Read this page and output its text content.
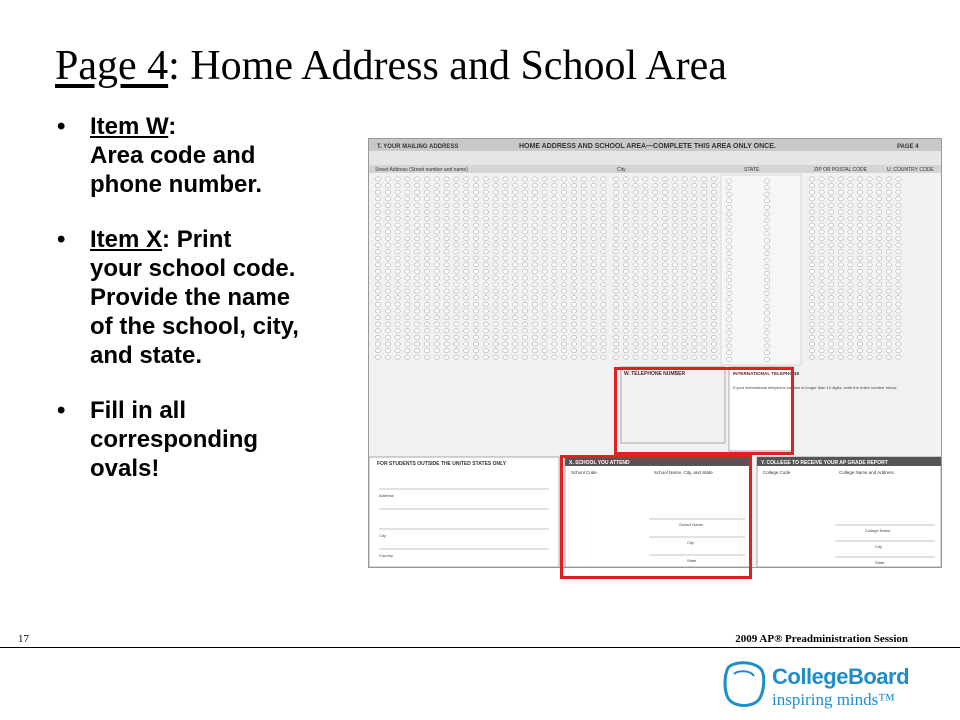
Page 4: Home Address and School Area
• Item W:
Area code and
phone number.
• Item X: Print
your school code.
Provide the name
of the school, city,
and state.
• Fill in all
corresponding
ovals!
T. YOUR MAILING ADDRESS	HOME ADDRESS AND SCHOOL AREA—COMPLETE THIS AREA ONLY ONCE.	PAGE 4
Street Address (Street number and name)	City	STATE	ZIP OR POSTAL CODE	U. COUNTRY CODE
W. TELEPHONE NUMBER	INTERNATIONAL TELEPHONE
If your international telephone number is longer than 10 digits, write the entire number below.
FOR STUDENTS OUTSIDE THE UNITED STATES ONLY
Address
City
Country
X. SCHOOL YOU ATTEND
School Code	School Name, City, and State
School Name
City
State
Y. COLLEGE TO RECEIVE YOUR AP GRADE REPORT
College Code	College Name and Address
College Name
City
State
17	2009 AP® Preadministration Session
CollegeBoard
inspiring minds™
